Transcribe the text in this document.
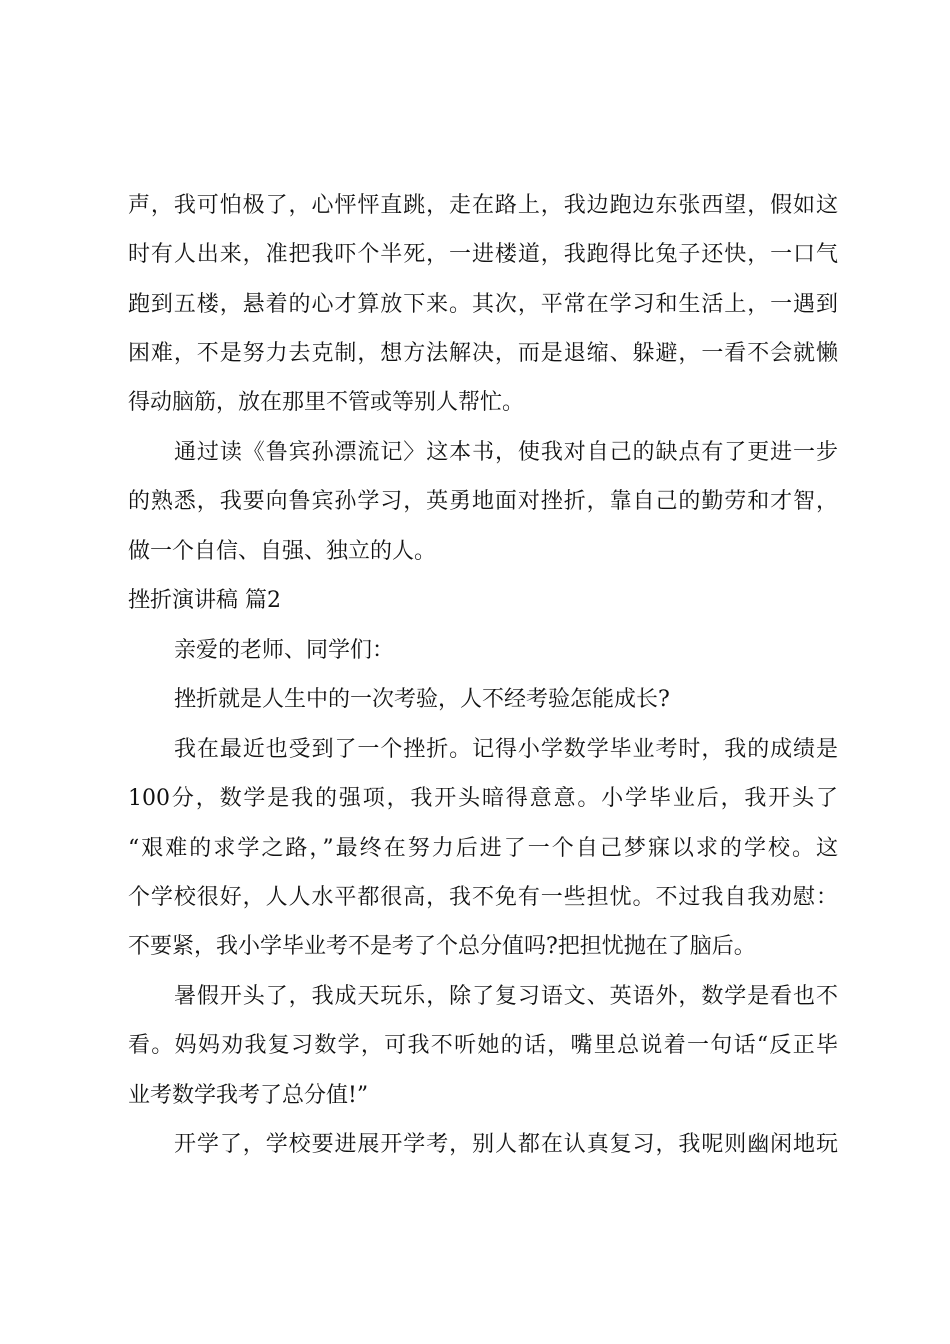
声，我可怕极了，心怦怦直跳，走在路上，我边跑边东张西望，假如这
时有人出来，准把我吓个半死，一进楼道，我跑得比兔子还快，一口气
跑到五楼，悬着的心才算放下来。其次，平常在学习和生活上，一遇到
困难，不是努力去克制，想方法解决，而是退缩、躲避，一看不会就懒
得动脑筋，放在那里不管或等别人帮忙。
通过读《鲁宾孙漂流记〉这本书，使我对自己的缺点有了更进一步
的熟悉，我要向鲁宾孙学习，英勇地面对挫折，靠自己的勤劳和才智，
做一个自信、自强、独立的人。
挫折演讲稿 篇2
亲爱的老师、同学们：
挫折就是人生中的一次考验，人不经考验怎能成长?
我在最近也受到了一个挫折。记得小学数学毕业考时，我的成绩是
100分，数学是我的强项，我开头暗得意意。小学毕业后，我开头了
“艰难的求学之路，”最终在努力后进了一个自己梦寐以求的学校。这
个学校很好，人人水平都很高，我不免有一些担忧。不过我自我劝慰：
不要紧，我小学毕业考不是考了个总分值吗?把担忧抛在了脑后。
暑假开头了，我成天玩乐，除了复习语文、英语外，数学是看也不
看。妈妈劝我复习数学，可我不听她的话，嘴里总说着一句话“反正毕
业考数学我考了总分值!”
开学了，学校要进展开学考，别人都在认真复习，我呢则幽闲地玩
